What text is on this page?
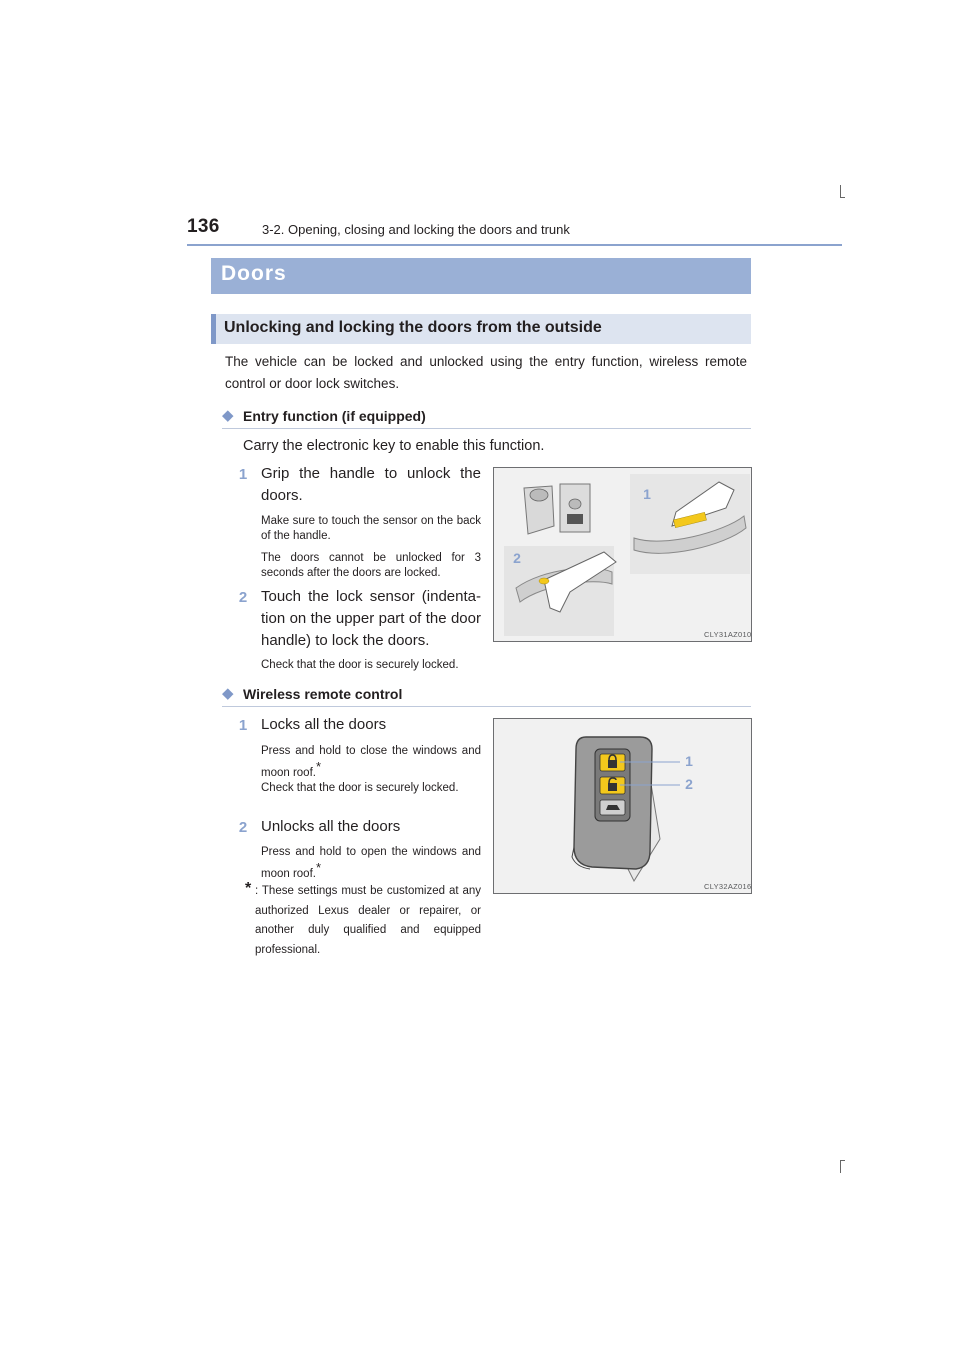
136	3-2. Opening, closing and locking the doors and trunk
Doors
Unlocking and locking the doors from the outside
The vehicle can be locked and unlocked using the entry function, wireless remote control or door lock switches.
◆ Entry function (if equipped)
Carry the electronic key to enable this function.
1 Grip the handle to unlock the doors.
Make sure to touch the sensor on the back of the handle.
The doors cannot be unlocked for 3 seconds after the doors are locked.
2 Touch the lock sensor (indenta-tion on the upper part of the door handle) to lock the doors.
Check that the door is securely locked.
1
2
CLY31AZ010
◆ Wireless remote control
1 Locks all the doors
Press and hold to close the windows and moon roof.*
Check that the door is securely locked.
2 Unlocks all the doors
Press and hold to open the windows and moon roof.*
* : These settings must be customized at any authorized Lexus dealer or repairer, or another duly qualified and equipped professional.
1
2
CLY32AZ016
